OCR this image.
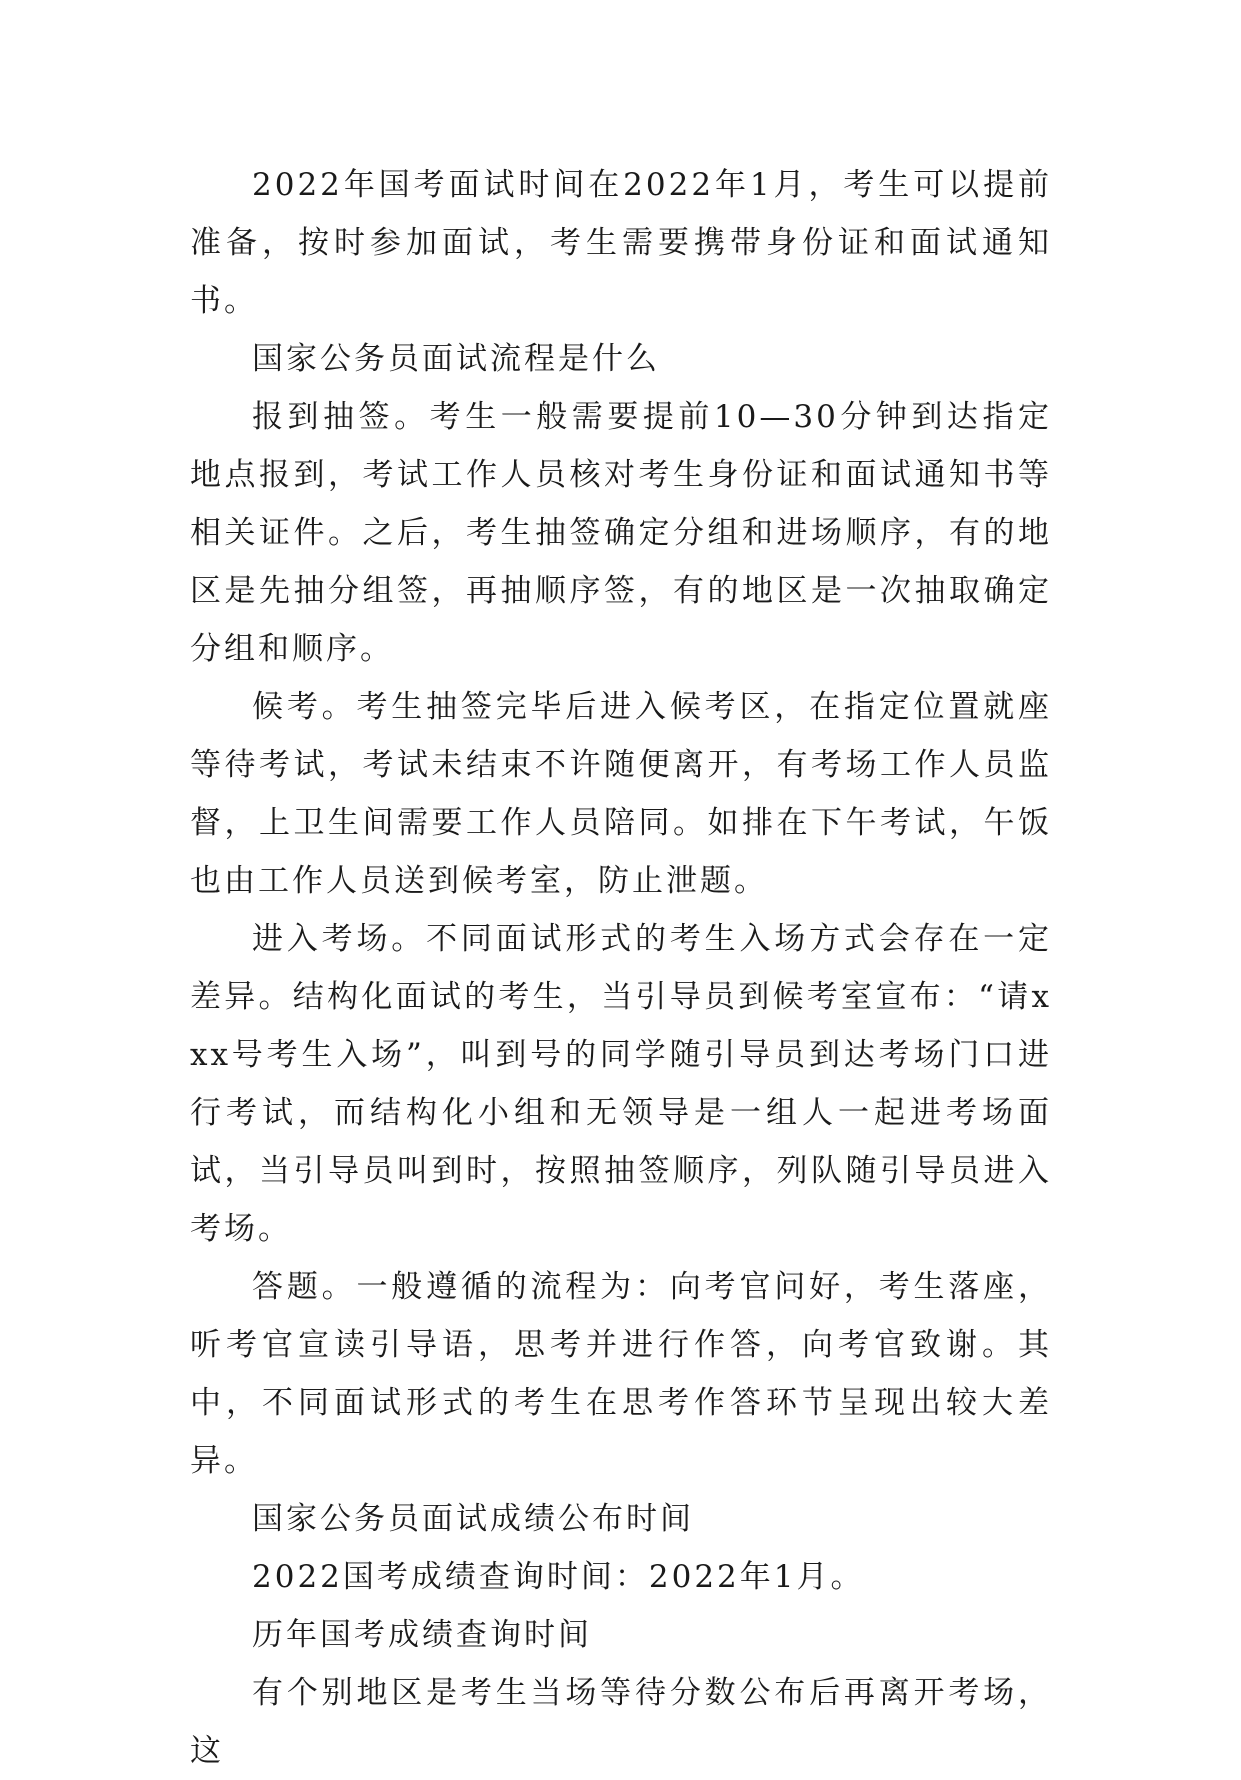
2022年国考面试时间在2022年1月，考生可以提前准备，按时参加面试，考生需要携带身份证和面试通知书。

国家公务员面试流程是什么

报到抽签。考生一般需要提前10—30分钟到达指定地点报到，考试工作人员核对考生身份证和面试通知书等相关证件。之后，考生抽签确定分组和进场顺序，有的地区是先抽分组签，再抽顺序签，有的地区是一次抽取确定分组和顺序。

候考。考生抽签完毕后进入候考区，在指定位置就座等待考试，考试未结束不许随便离开，有考场工作人员监督，上卫生间需要工作人员陪同。如排在下午考试，午饭也由工作人员送到候考室，防止泄题。

进入考场。不同面试形式的考生入场方式会存在一定差异。结构化面试的考生，当引导员到候考室宣布：“请xxx号考生入场”，叫到号的同学随引导员到达考场门口进行考试，而结构化小组和无领导是一组人一起进考场面试，当引导员叫到时，按照抽签顺序，列队随引导员进入考场。

答题。一般遵循的流程为：向考官问好，考生落座，听考官宣读引导语，思考并进行作答，向考官致谢。其中，不同面试形式的考生在思考作答环节呈现出较大差异。

国家公务员面试成绩公布时间

2022国考成绩查询时间：2022年1月。

历年国考成绩查询时间

有个别地区是考生当场等待分数公布后再离开考场，这
